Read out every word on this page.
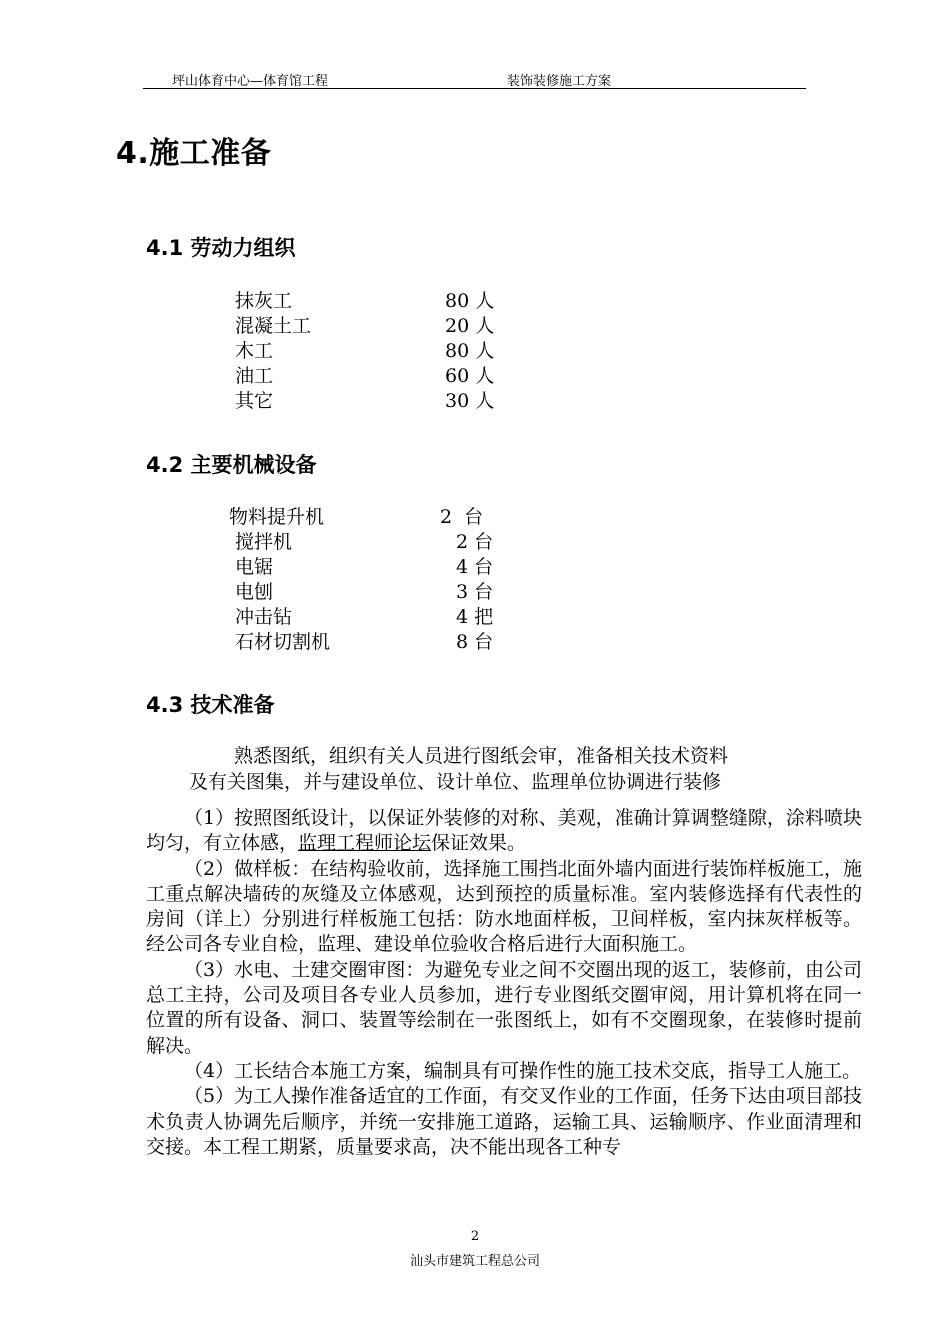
坪山体育中心—体育馆工程	装饰装修施工方案
4.施工准备
4.1 劳动力组织
抹灰工	80 人
混凝土工	20 人
木工	80 人
油工	60 人
其它	30 人
4.2 主要机械设备
物料提升机	2  台
搅拌机	2 台
电锯	4 台
电刨	3 台
冲击钻	4 把
石材切割机	8 台
4.3 技术准备
熟悉图纸，组织有关人员进行图纸会审，准备相关技术资料
及有关图集，并与建设单位、设计单位、监理单位协调进行装修

（1）按照图纸设计，以保证外装修的对称、美观，准确计算调整缝隙，涂料喷块均匀，有立体感，监理工程师论坛保证效果。

（2）做样板：在结构验收前，选择施工围挡北面外墙内面进行装饰样板施工，施工重点解决墙砖的灰缝及立体感观，达到预控的质量标准。室内装修选择有代表性的房间（详上）分别进行样板施工包括：防水地面样板，卫间样板，室内抹灰样板等。经公司各专业自检，监理、建设单位验收合格后进行大面积施工。

（3）水电、土建交圈审图：为避免专业之间不交圈出现的返工，装修前，由公司总工主持，公司及项目各专业人员参加，进行专业图纸交圈审阅，用计算机将在同一位置的所有设备、洞口、装置等绘制在一张图纸上，如有不交圈现象，在装修时提前解决。

（4）工长结合本施工方案，编制具有可操作性的施工技术交底，指导工人施工。

（5）为工人操作准备适宜的工作面，有交叉作业的工作面，任务下达由项目部技术负责人协调先后顺序，并统一安排施工道路，运输工具、运输顺序、作业面清理和交接。本工程工期紧，质量要求高，决不能出现各工种专

2
汕头市建筑工程总公司
